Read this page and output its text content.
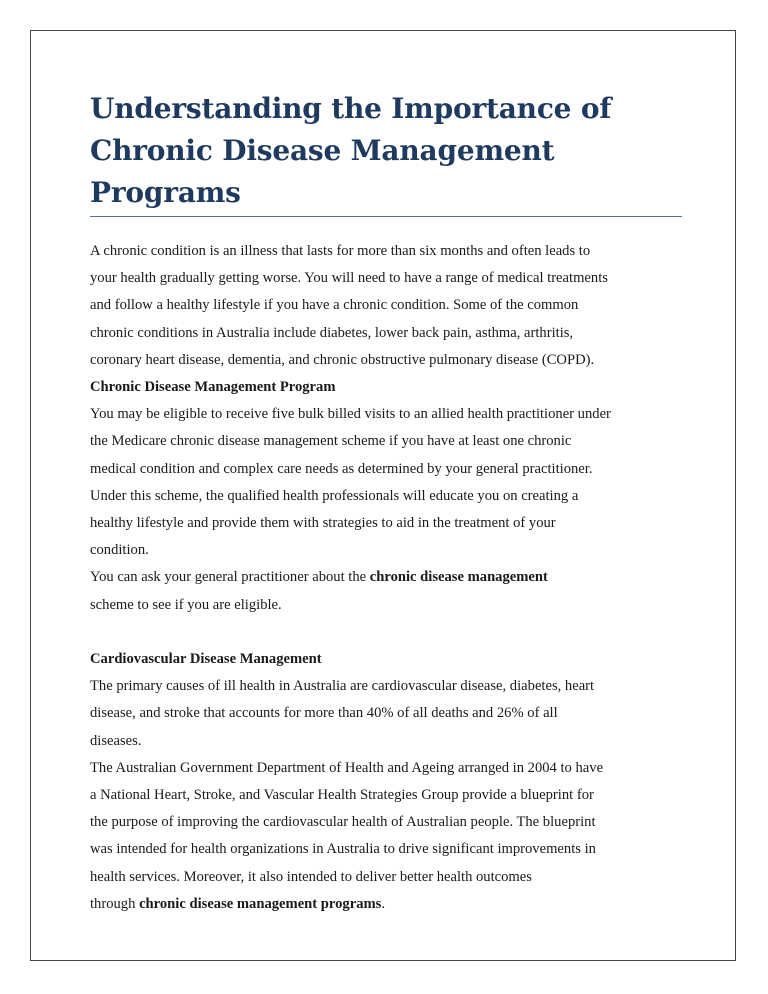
Understanding the Importance of
Chronic Disease Management Programs
A chronic condition is an illness that lasts for more than six months and often leads to
your health gradually getting worse. You will need to have a range of medical treatments
and follow a healthy lifestyle if you have a chronic condition. Some of the common
chronic conditions in Australia include diabetes, lower back pain, asthma, arthritis,
coronary heart disease, dementia, and chronic obstructive pulmonary disease (COPD).
Chronic Disease Management Program
You may be eligible to receive five bulk billed visits to an allied health practitioner under
the Medicare chronic disease management scheme if you have at least one chronic
medical condition and complex care needs as determined by your general practitioner.
Under this scheme, the qualified health professionals will educate you on creating a
healthy lifestyle and provide them with strategies to aid in the treatment of your
condition.
You can ask your general practitioner about the chronic disease management
scheme to see if you are eligible.
Cardiovascular Disease Management
The primary causes of ill health in Australia are cardiovascular disease, diabetes, heart
disease, and stroke that accounts for more than 40% of all deaths and 26% of all
diseases.
The Australian Government Department of Health and Ageing arranged in 2004 to have
a National Heart, Stroke, and Vascular Health Strategies Group provide a blueprint for
the purpose of improving the cardiovascular health of Australian people. The blueprint
was intended for health organizations in Australia to drive significant improvements in
health services. Moreover, it also intended to deliver better health outcomes
through chronic disease management programs.
